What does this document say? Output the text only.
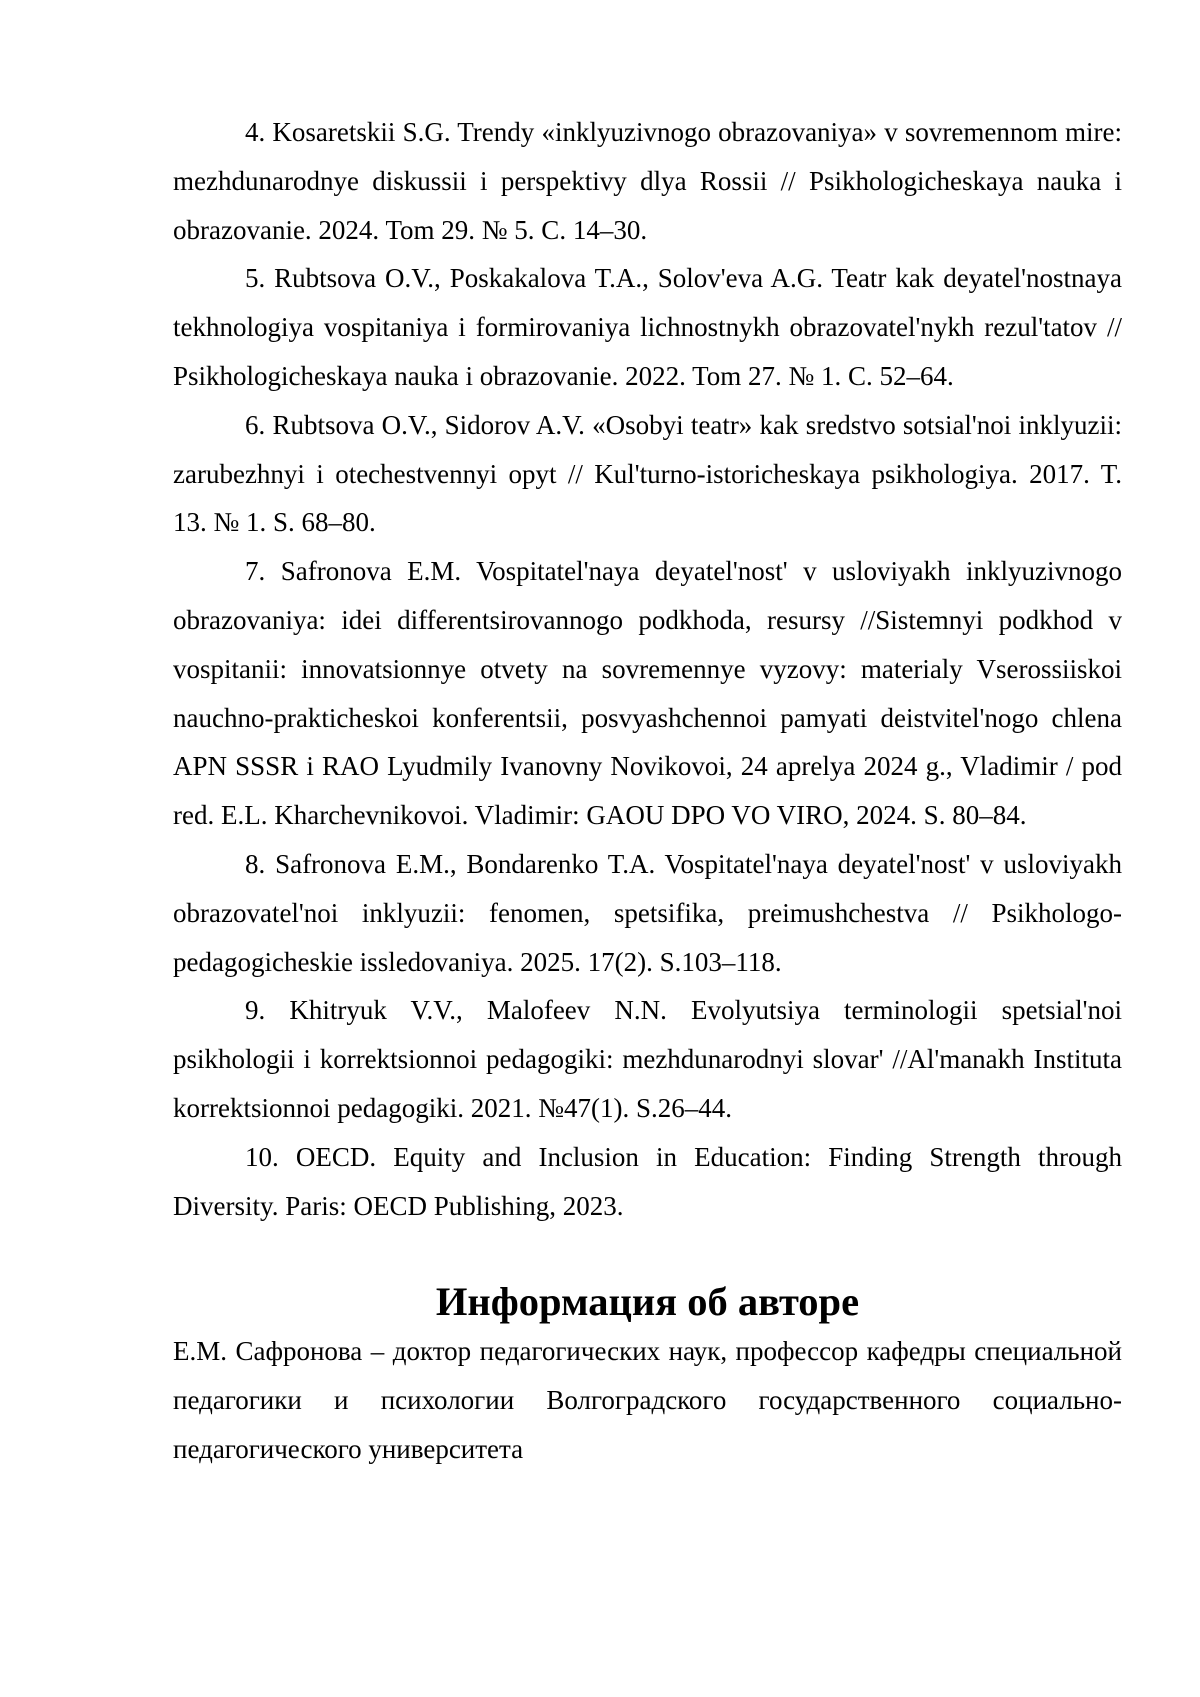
4. Kosaretskii S.G. Trendy «inklyuzivnogo obrazovaniya» v sovremennom mire: mezhdunarodnye diskussii i perspektivy dlya Rossii // Psikhologicheskaya nauka i obrazovanie. 2024. Tom 29. № 5. C. 14–30.

5. Rubtsova O.V., Poskakalova T.A., Solov'eva A.G. Teatr kak deyatel'nostnaya tekhnologiya vospitaniya i formirovaniya lichnostnykh obrazovatel'nykh rezul'tatov // Psikhologicheskaya nauka i obrazovanie. 2022. Tom 27. № 1. C. 52–64.

6. Rubtsova O.V., Sidorov A.V. «Osobyi teatr» kak sredstvo sotsial'noi inklyuzii: zarubezhnyi i otechestvennyi opyt // Kul'turno-istoricheskaya psikhologiya. 2017. T. 13. № 1. S. 68–80.

7. Safronova E.M. Vospitatel'naya deyatel'nost' v usloviyakh inklyuzivnogo obrazovaniya: idei differentsirovannogo podkhoda, resursy //Sistemnyi podkhod v vospitanii: innovatsionnye otvety na sovremennye vyzovy: materialy Vserossiiskoi nauchno-prakticheskoi konferentsii, posvyashchennoi pamyati deistvitel'nogo chlena APN SSSR i RAO Lyudmily Ivanovny Novikovoi, 24 aprelya 2024 g., Vladimir / pod red. E.L. Kharchevnikovoi. Vladimir: GAOU DPO VO VIRO, 2024. S. 80–84.

8. Safronova E.M., Bondarenko T.A. Vospitatel'naya deyatel'nost' v usloviyakh obrazovatel'noi inklyuzii: fenomen, spetsifika, preimushchestva // Psikhologo-pedagogicheskie issledovaniya. 2025. 17(2). S.103–118.

9. Khitryuk V.V., Malofeev N.N. Evolyutsiya terminologii spetsial'noi psikhologii i korrektsionnoi pedagogiki: mezhdunarodnyi slovar' //Al'manakh Instituta korrektsionnoi pedagogiki. 2021. №47(1). S.26–44.

10. OECD. Equity and Inclusion in Education: Finding Strength through Diversity. Paris: OECD Publishing, 2023.

Информация об авторе

Е.М. Сафронова – доктор педагогических наук, профессор кафедры специальной педагогики и психологии Волгоградского государственного социально-педагогического университета
